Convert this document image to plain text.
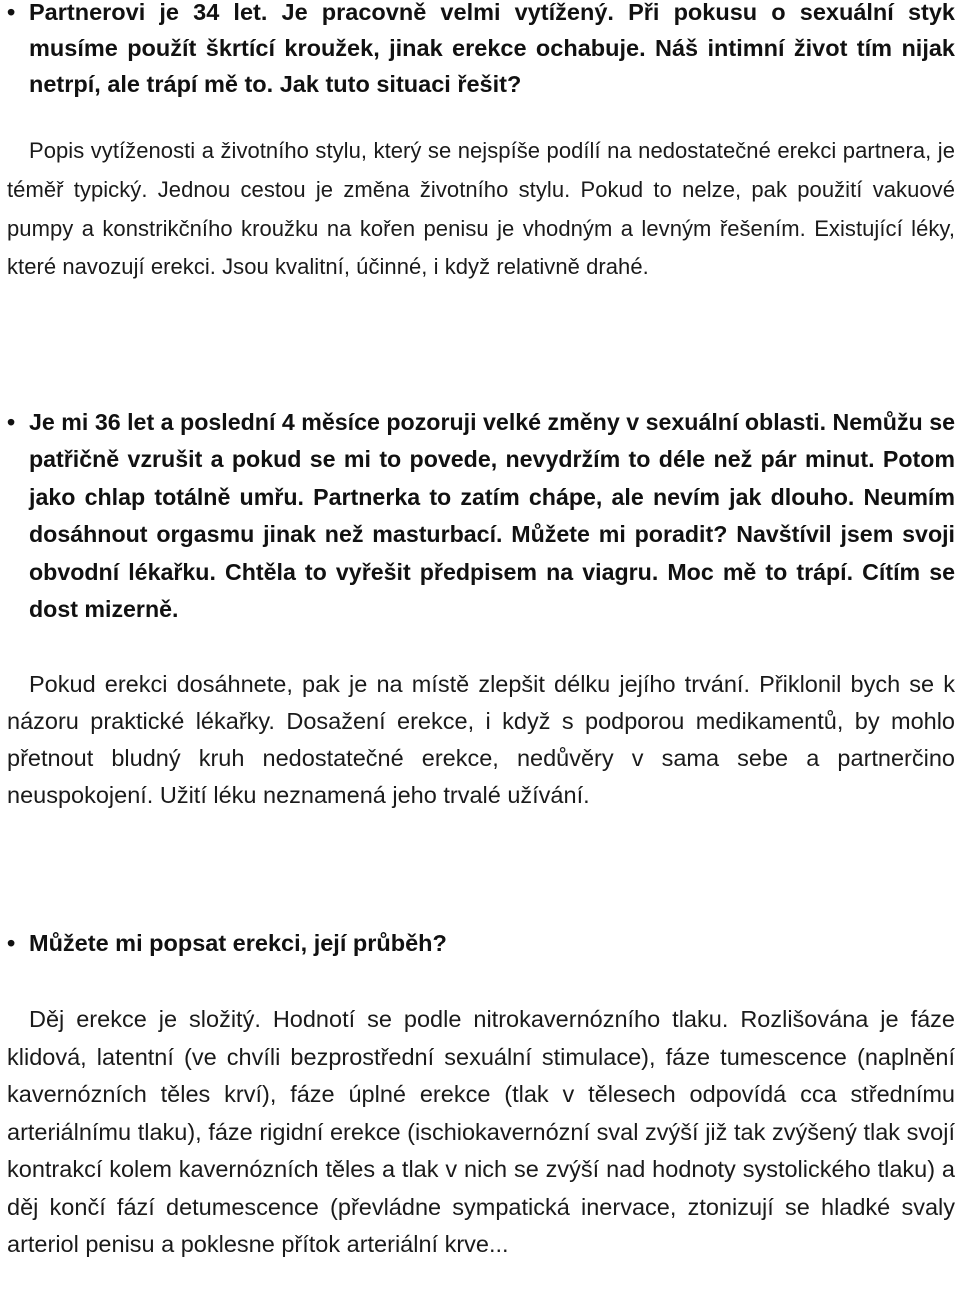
• Partnerovi je 34 let. Je pracovně velmi vytížený. Při pokusu o sexuální styk musíme použít škrtící kroužek, jinak erekce ochabuje. Náš intimní život tím nijak netrpí, ale trápí mě to. Jak tuto situaci řešit?

Popis vytíženosti a životního stylu, který se nejspíše podílí na nedostatečné erekci partnera, je téměř typický. Jednou cestou je změna životního stylu. Pokud to nelze, pak použití vakuové pumpy a konstrikčního kroužku na kořen penisu je vhodným a levným řešením. Existující léky, které navozují erekci. Jsou kvalitní, účinné, i když relativně drahé.

• Je mi 36 let a poslední 4 měsíce pozoruji velké změny v sexuální oblasti. Nemůžu se patřičně vzrušit a pokud se mi to povede, nevydržím to déle než pár minut. Potom jako chlap totálně umřu. Partnerka to zatím chápe, ale nevím jak dlouho. Neumím dosáhnout orgasmu jinak než masturbací. Můžete mi poradit? Navštívil jsem svoji obvodní lékařku. Chtěla to vyřešit předpisem na viagru. Moc mě to trápí. Cítím se dost mizerně.

Pokud erekci dosáhnete, pak je na místě zlepšit délku jejího trvání. Přiklonil bych se k názoru praktické lékařky. Dosažení erekce, i když s podporou medikamentů, by mohlo přetnout bludný kruh nedostatečné erekce, nedůvěry v sama sebe a partnerčino neuspokojení. Užití léku neznamená jeho trvalé užívání.

• Můžete mi popsat erekci, její průběh?

Děj erekce je složitý. Hodnotí se podle nitrokavernózního tlaku. Rozlišována je fáze klidová, latentní (ve chvíli bezprostřední sexuální stimulace), fáze tumescence (naplnění kavernózních těles krví), fáze úplné erekce (tlak v tělesech odpovídá cca střednímu arteriálnímu tlaku), fáze rigidní erekce (ischiokavernózní sval zvýší již tak zvýšený tlak svojí kontrakcí kolem kavernózních těles a tlak v nich se zvýší nad hodnoty systolického tlaku) a děj končí fází detumescence (převládne sympatická inervace, ztonizují se hladké svaly arteriol penisu a poklesne přítok arteriální krve...
